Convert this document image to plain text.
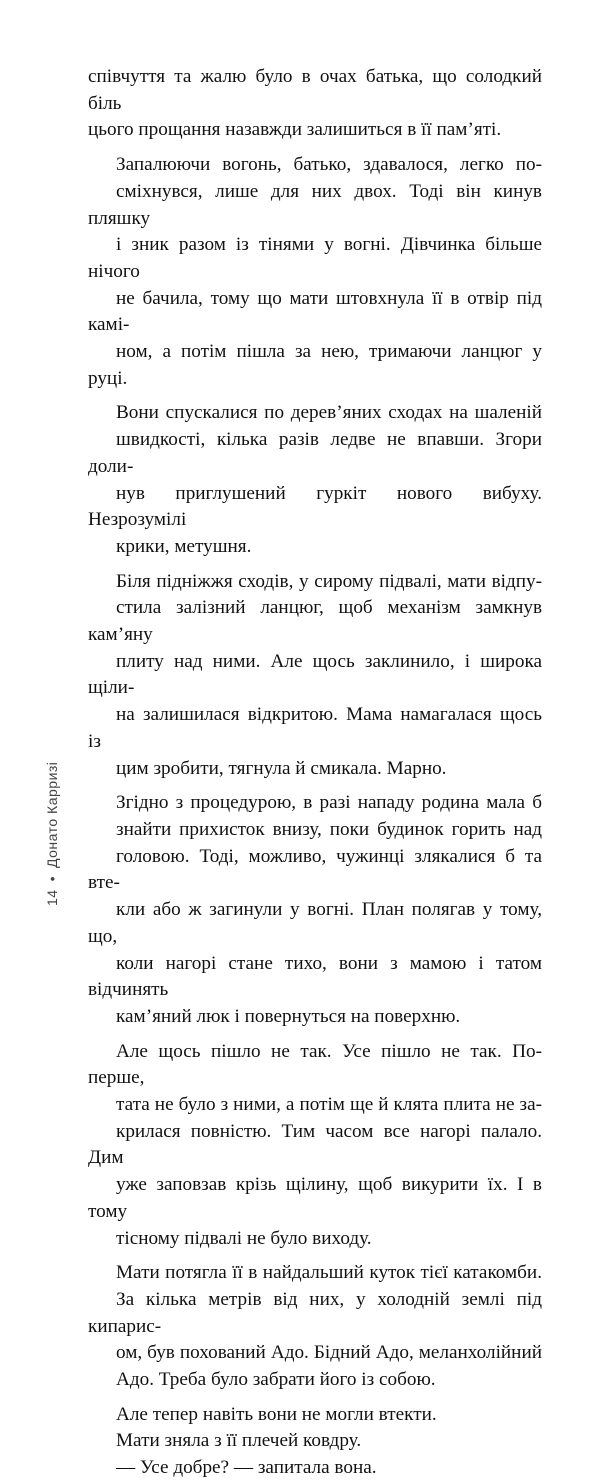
співчуття та жалю було в очах батька, що солодкий біль
цього прощання назавжди залишиться в її пам’яті.

Запалюючи вогонь, батько, здавалося, легко по-
сміхнувся, лише для них двох. Тоді він кинув пляшку
і зник разом із тінями у вогні. Дівчинка більше нічого
не бачила, тому що мати штовхнула її в отвір під камі-
ном, а потім пішла за нею, тримаючи ланцюг у руці.

Вони спускалися по дерев’яних сходах на шаленій
швидкості, кілька разів ледве не впавши. Згори доли-
нув приглушений гуркіт нового вибуху. Незрозумілі
крики, метушня.

Біля підніжжя сходів, у сирому підвалі, мати відпу-
стила залізний ланцюг, щоб механізм замкнув кам’яну
плиту над ними. Але щось заклинило, і широка щіли-
на залишилася відкритою. Мама намагалася щось із
цим зробити, тягнула й смикала. Марно.

Згідно з процедурою, в разі нападу родина мала б
знайти прихисток внизу, поки будинок горить над
головою. Тоді, можливо, чужинці злякалися б та вте-
кли або ж загинули у вогні. План полягав у тому, що,
коли нагорі стане тихо, вони з мамою і татом відчинять
кам’яний люк і повернуться на поверхню.

Але щось пішло не так. Усе пішло не так. По-перше,
тата не було з ними, а потім ще й клята плита не за-
крилася повністю. Тим часом все нагорі палало. Дим
уже заповзав крізь щілину, щоб викурити їх. І в тому
тісному підвалі не було виходу.

Мати потягла її в найдальший куток тієї катакомби.
За кілька метрів від них, у холодній землі під кипарис-
ом, був похований Адо. Бідний Адо, меланхолійний
Адо. Треба було забрати його із собою.

Але тепер навіть вони не могли втекти.

Мати зняла з її плечей ковдру.

— Усе добре? — запитала вона.

14•Донато Карризі
